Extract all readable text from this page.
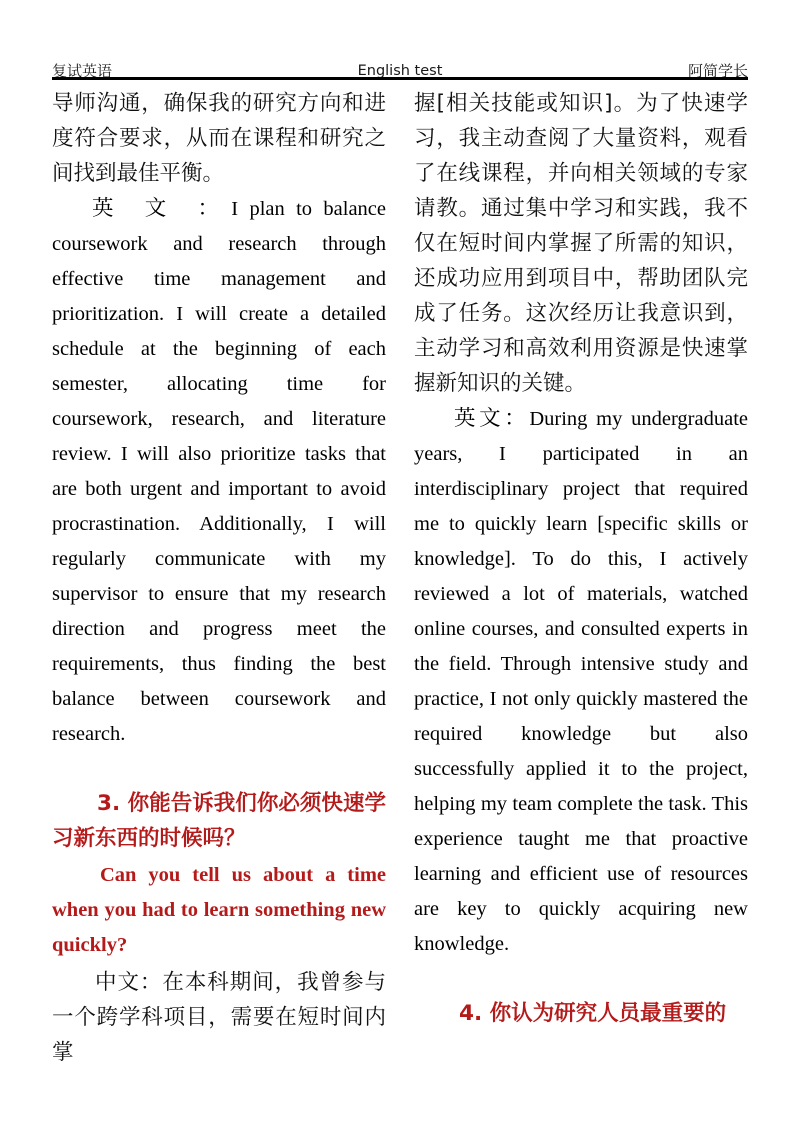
复试英语	English test	阿简学长

导师沟通，确保我的研究方向和进度符合要求，从而在课程和研究之间找到最佳平衡。

英 文 ：I plan to balance coursework and research through effective time management and prioritization. I will create a detailed schedule at the beginning of each semester, allocating time for coursework, research, and literature review. I will also prioritize tasks that are both urgent and important to avoid procrastination. Additionally, I will regularly communicate with my supervisor to ensure that my research direction and progress meet the requirements, thus finding the best balance between coursework and research.

3. 你能告诉我们你必须快速学习新东西的时候吗？

Can you tell us about a time when you had to learn something new quickly?

中文：在本科期间，我曾参与一个跨学科项目，需要在短时间内掌

握[相关技能或知识]。为了快速学习，我主动查阅了大量资料，观看了在线课程，并向相关领域的专家请教。通过集中学习和实践，我不仅在短时间内掌握了所需的知识，还成功应用到项目中，帮助团队完成了任务。这次经历让我意识到，主动学习和高效利用资源是快速掌握新知识的关键。

英文：During my undergraduate years, I participated in an interdisciplinary project that required me to quickly learn [specific skills or knowledge]. To do this, I actively reviewed a lot of materials, watched online courses, and consulted experts in the field. Through intensive study and practice, I not only quickly mastered the required knowledge but also successfully applied it to the project, helping my team complete the task. This experience taught me that proactive learning and efficient use of resources are key to quickly acquiring new knowledge.

4. 你认为研究人员最重要的
